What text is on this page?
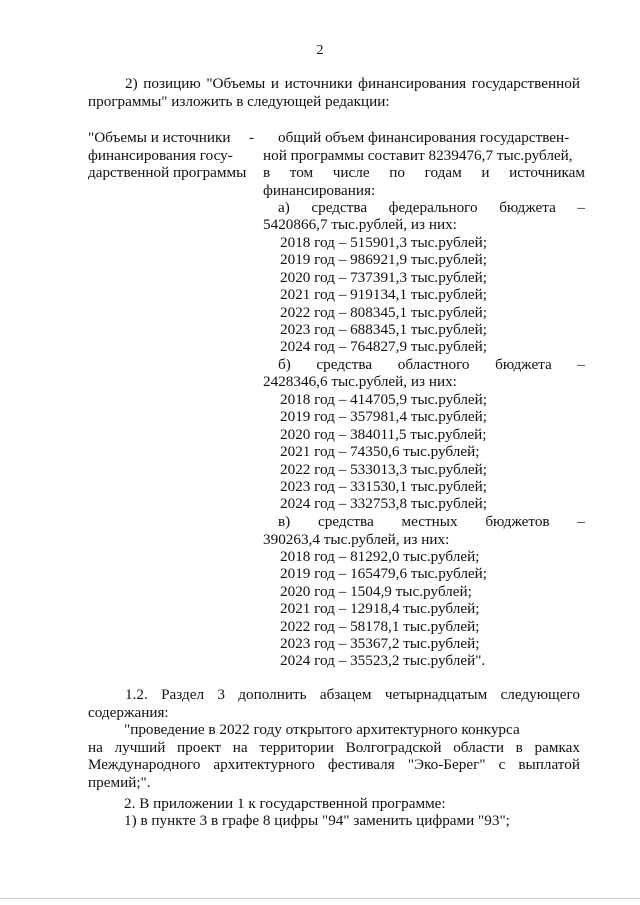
2
2) позицию "Объемы и источники финансирования государственной
программы" изложить в следующей редакции:
"Объемы и источники
финансирования госу-
дарственной программы
- общий объем финансирования государствен-
ной программы составит 8239476,7 тыс.рублей,
в том числе по годам и источникам
финансирования:
а) средства федерального бюджета –
5420866,7 тыс.рублей, из них:
б) средства областного бюджета –
2428346,6 тыс.рублей, из них:
в) средства местных бюджетов –
390263,4 тыс.рублей, из них:
1.2. Раздел 3 дополнить абзацем четырнадцатым следующего
содержания:
"проведение в 2022 году открытого архитектурного конкурса
на лучший проект на территории Волгоградской области в рамках
Международного архитектурного фестиваля "Эко-Берег" с выплатой
премий;".
2. В приложении 1 к государственной программе:
1) в пункте 3 в графе 8 цифры "94" заменить цифрами "93";
2018 год – 515901,3 тыс.рублей;
2019 год – 986921,9 тыс.рублей;
2020 год – 737391,3 тыс.рублей;
2021 год – 919134,1 тыс.рублей;
2022 год – 808345,1 тыс.рублей;
2023 год – 688345,1 тыс.рублей;
2024 год – 764827,9 тыс.рублей;
2018 год – 414705,9 тыс.рублей;
2019 год – 357981,4 тыс.рублей;
2020 год – 384011,5 тыс.рублей;
2021 год – 74350,6 тыс.рублей;
2022 год – 533013,3 тыс.рублей;
2023 год – 331530,1 тыс.рублей;
2024 год – 332753,8 тыс.рублей;
2018 год – 81292,0 тыс.рублей;
2019 год – 165479,6 тыс.рублей;
2020 год – 1504,9 тыс.рублей;
2021 год – 12918,4 тыс.рублей;
2022 год – 58178,1 тыс.рублей;
2023 год – 35367,2 тыс.рублей;
2024 год – 35523,2 тыс.рублей".
